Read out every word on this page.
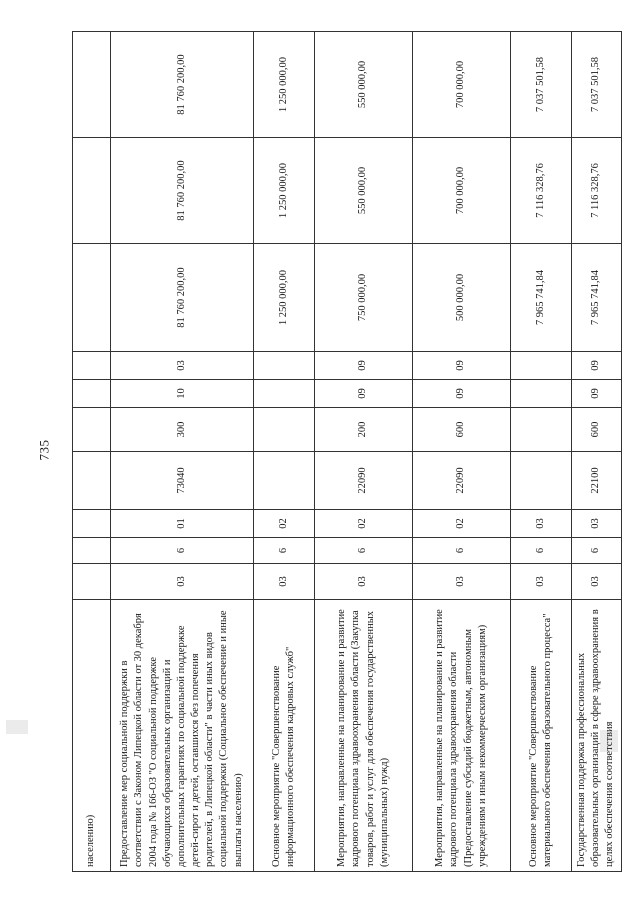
735
населению)										
Предоставление мер социальной поддержки в соответствии с Законом Липецкой области от 30 декабря 2004 года № 166-ОЗ "О социальной поддержке обучающихся образовательных организаций и дополнительных гарантиях по социальной поддержке детей-сирот и детей, оставшихся без попечения родителей, в Липецкой области" в части иных видов социальной поддержки (Социальное обеспечение и иные выплаты населению)	03	6	01	73040	300	10	03	81 760 200,00	81 760 200,00	81 760 200,00
Основное мероприятие "Совершенствование информационного обеспечения кадровых служб"	03	6	02					1 250 000,00	1 250 000,00	1 250 000,00
Мероприятия, направленные на планирование и развитие кадрового потенциала здравоохранения области (Закупка товаров, работ и услуг для обеспечения государственных (муниципальных) нужд)	03	6	02	22090	200	09	09	750 000,00	550 000,00	550 000,00
Мероприятия, направленные на планирование и развитие кадрового потенциала здравоохранения области (Предоставление субсидий бюджетным, автономным учреждениям и иным некоммерческим организациям)	03	6	02	22090	600	09	09	500 000,00	700 000,00	700 000,00
Основное мероприятие "Совершенствование материального обеспечения образовательного процесса"	03	6	03					7 965 741,84	7 116 328,76	7 037 501,58
Государственная поддержка профессиональных образовательных организаций в сфере здравоохранения в целях обеспечения соответствия	03	6	03	22100	600	09	09	7 965 741,84	7 116 328,76	7 037 501,58
